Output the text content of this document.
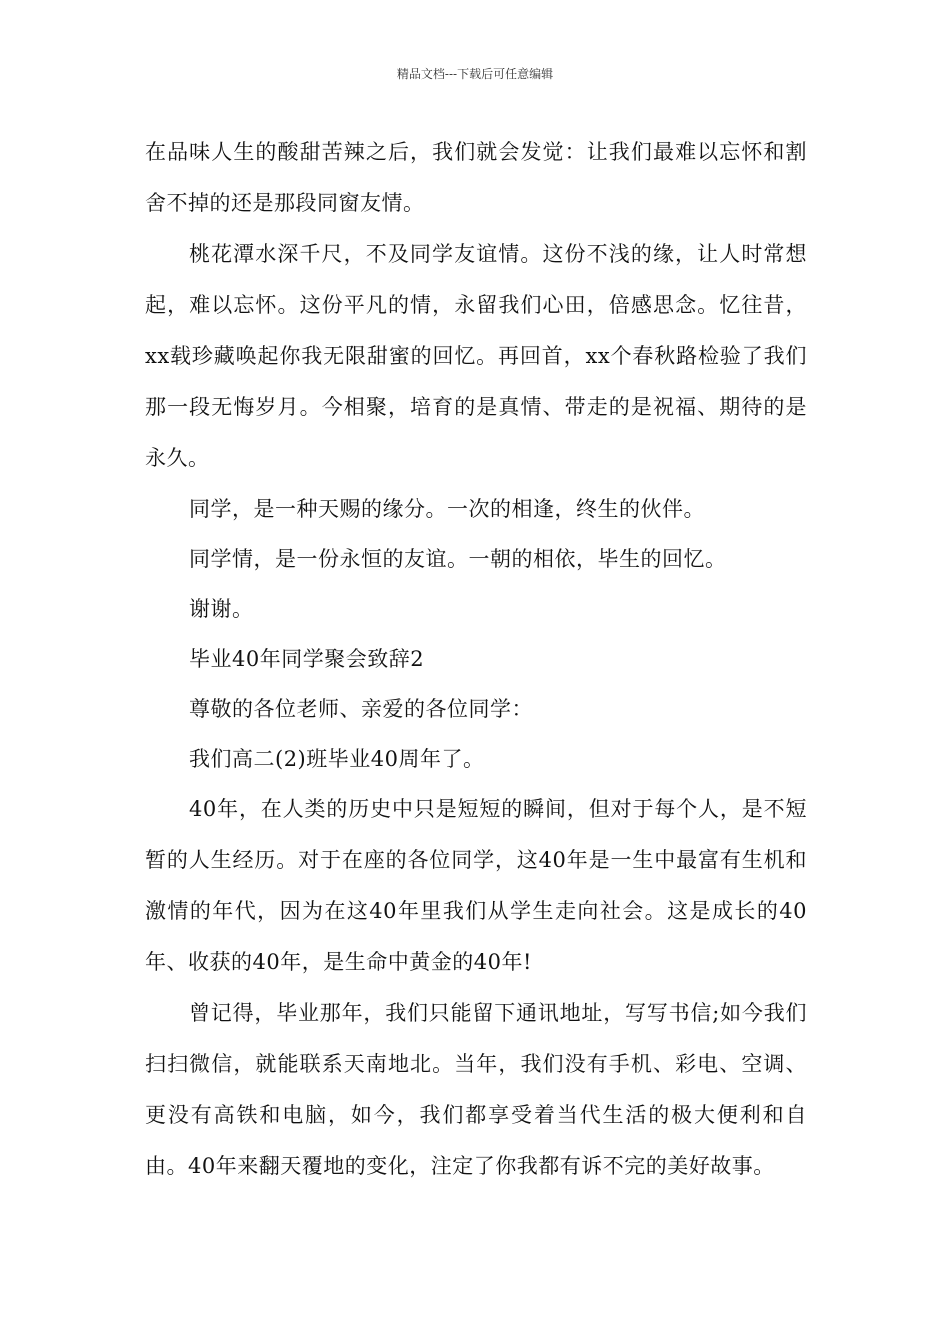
精品文档---下载后可任意编辑

在品味人生的酸甜苦辣之后，我们就会发觉：让我们最难以忘怀和割舍不掉的还是那段同窗友情。

桃花潭水深千尺，不及同学友谊情。这份不浅的缘，让人时常想起，难以忘怀。这份平凡的情，永留我们心田，倍感思念。忆往昔，xx载珍藏唤起你我无限甜蜜的回忆。再回首，xx个春秋路检验了我们那一段无悔岁月。今相聚，培育的是真情、带走的是祝福、期待的是永久。

同学，是一种天赐的缘分。一次的相逢，终生的伙伴。

同学情，是一份永恒的友谊。一朝的相依，毕生的回忆。

谢谢。

毕业40年同学聚会致辞2

尊敬的各位老师、亲爱的各位同学：

我们高二(2)班毕业40周年了。

40年，在人类的历史中只是短短的瞬间，但对于每个人，是不短暂的人生经历。对于在座的各位同学，这40年是一生中最富有生机和激情的年代，因为在这40年里我们从学生走向社会。这是成长的40年、收获的40年，是生命中黄金的40年!

曾记得，毕业那年，我们只能留下通讯地址，写写书信;如今我们扫扫微信，就能联系天南地北。当年，我们没有手机、彩电、空调、更没有高铁和电脑，如今，我们都享受着当代生活的极大便利和自由。40年来翻天覆地的变化，注定了你我都有诉不完的美好故事。
